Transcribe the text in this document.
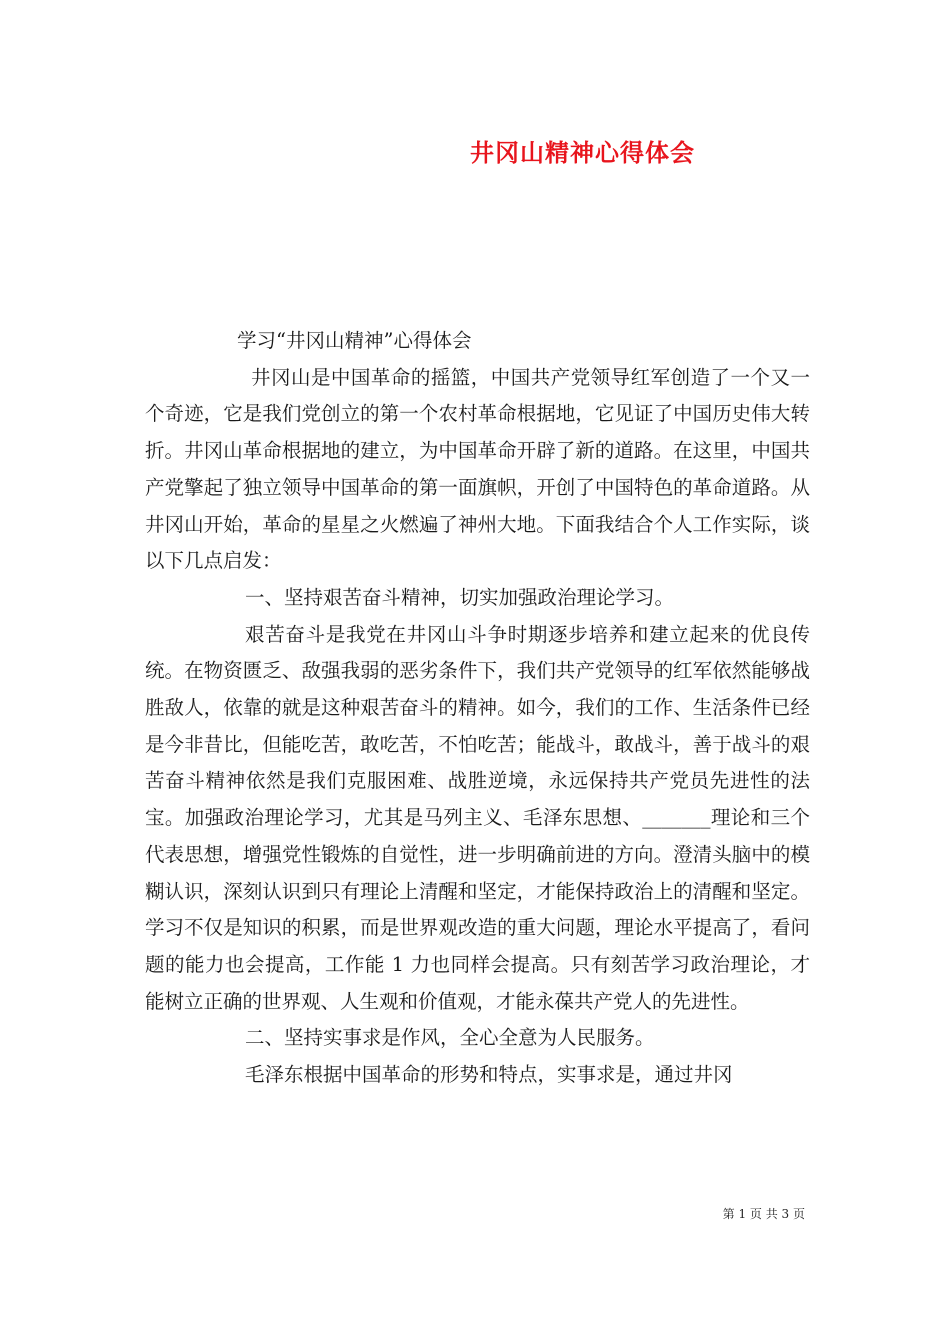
井冈山精神心得体会

学习“井冈山精神”心得体会

井冈山是中国革命的摇篮，中国共产党领导红军创造了一个又一个奇迹，它是我们党创立的第一个农村革命根据地，它见证了中国历史伟大转折。井冈山革命根据地的建立，为中国革命开辟了新的道路。在这里，中国共产党擎起了独立领导中国革命的第一面旗帜，开创了中国特色的革命道路。从井冈山开始，革命的星星之火燃遍了神州大地。下面我结合个人工作实际，谈以下几点启发：

一、坚持艰苦奋斗精神，切实加强政治理论学习。

艰苦奋斗是我党在井冈山斗争时期逐步培养和建立起来的优良传统。在物资匮乏、敌强我弱的恶劣条件下，我们共产党领导的红军依然能够战胜敌人，依靠的就是这种艰苦奋斗的精神。如今，我们的工作、生活条件已经是今非昔比，但能吃苦，敢吃苦，不怕吃苦；能战斗，敢战斗，善于战斗的艰苦奋斗精神依然是我们克服困难、战胜逆境，永远保持共产党员先进性的法宝。加强政治理论学习，尤其是马列主义、毛泽东思想、_______理论和三个代表思想，增强党性锻炼的自觉性，进一步明确前进的方向。澄清头脑中的模糊认识，深刻认识到只有理论上清醒和坚定，才能保持政治上的清醒和坚定。学习不仅是知识的积累，而是世界观改造的重大问题，理论水平提高了，看问题的能力也会提高，工作能 1 力也同样会提高。只有刻苦学习政治理论，才能树立正确的世界观、人生观和价值观，才能永葆共产党人的先进性。

二、坚持实事求是作风，全心全意为人民服务。

毛泽东根据中国革命的形势和特点，实事求是，通过井冈

第 1 页 共 3 页
